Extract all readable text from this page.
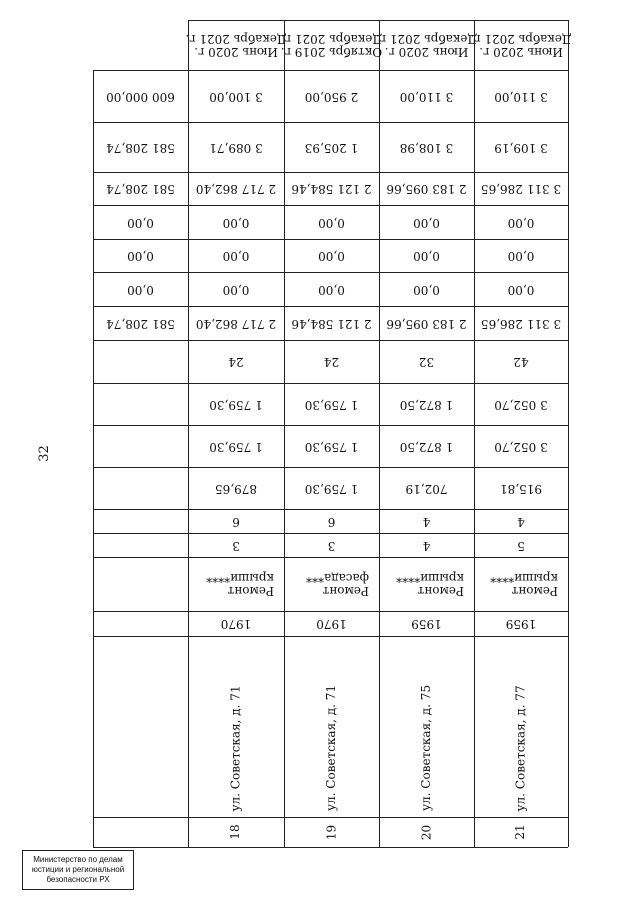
Июнь 2020 г.
Декабрь 2021 г.
3 100,00
3 089,71
2 717 862,40
0,00
0,00
0,00
2 717 862,40
24
1 759,30
1 759,30
879,65
6
3
Ремонт
крыши****
1970
ул. Советская, д. 71
18
Октябрь 2019 г.
Декабрь 2021 г.
2 950,00
1 205,93
2 121 584,46
0,00
0,00
0,00
2 121 584,46
24
1 759,30
1 759,30
1 759,30
6
3
Ремонт
фасада***
1970
ул. Советская, д. 71
19
Июнь 2020 г.
Декабрь 2021 г.
3 110,00
3 108,98
2 183 095,66
0,00
0,00
0,00
2 183 095,66
32
1 872,50
1 872,50
702,19
4
4
Ремонт
крыши****
1959
ул. Советская, д. 75
20
Июнь 2020 г.
Декабрь 2021 г.
3 110,00
3 109,19
3 311 286,65
0,00
0,00
0,00
3 311 286,65
42
3 052,70
3 052,70
915,81
4
5
Ремонт
крыши****
1959
ул. Советская, д. 77
21
600 000,00
581 208,74
581 208,74
0,00
0,00
0,00
581 208,74
32
Министерство по делам
юстиции и региональной
безопасности РХ
